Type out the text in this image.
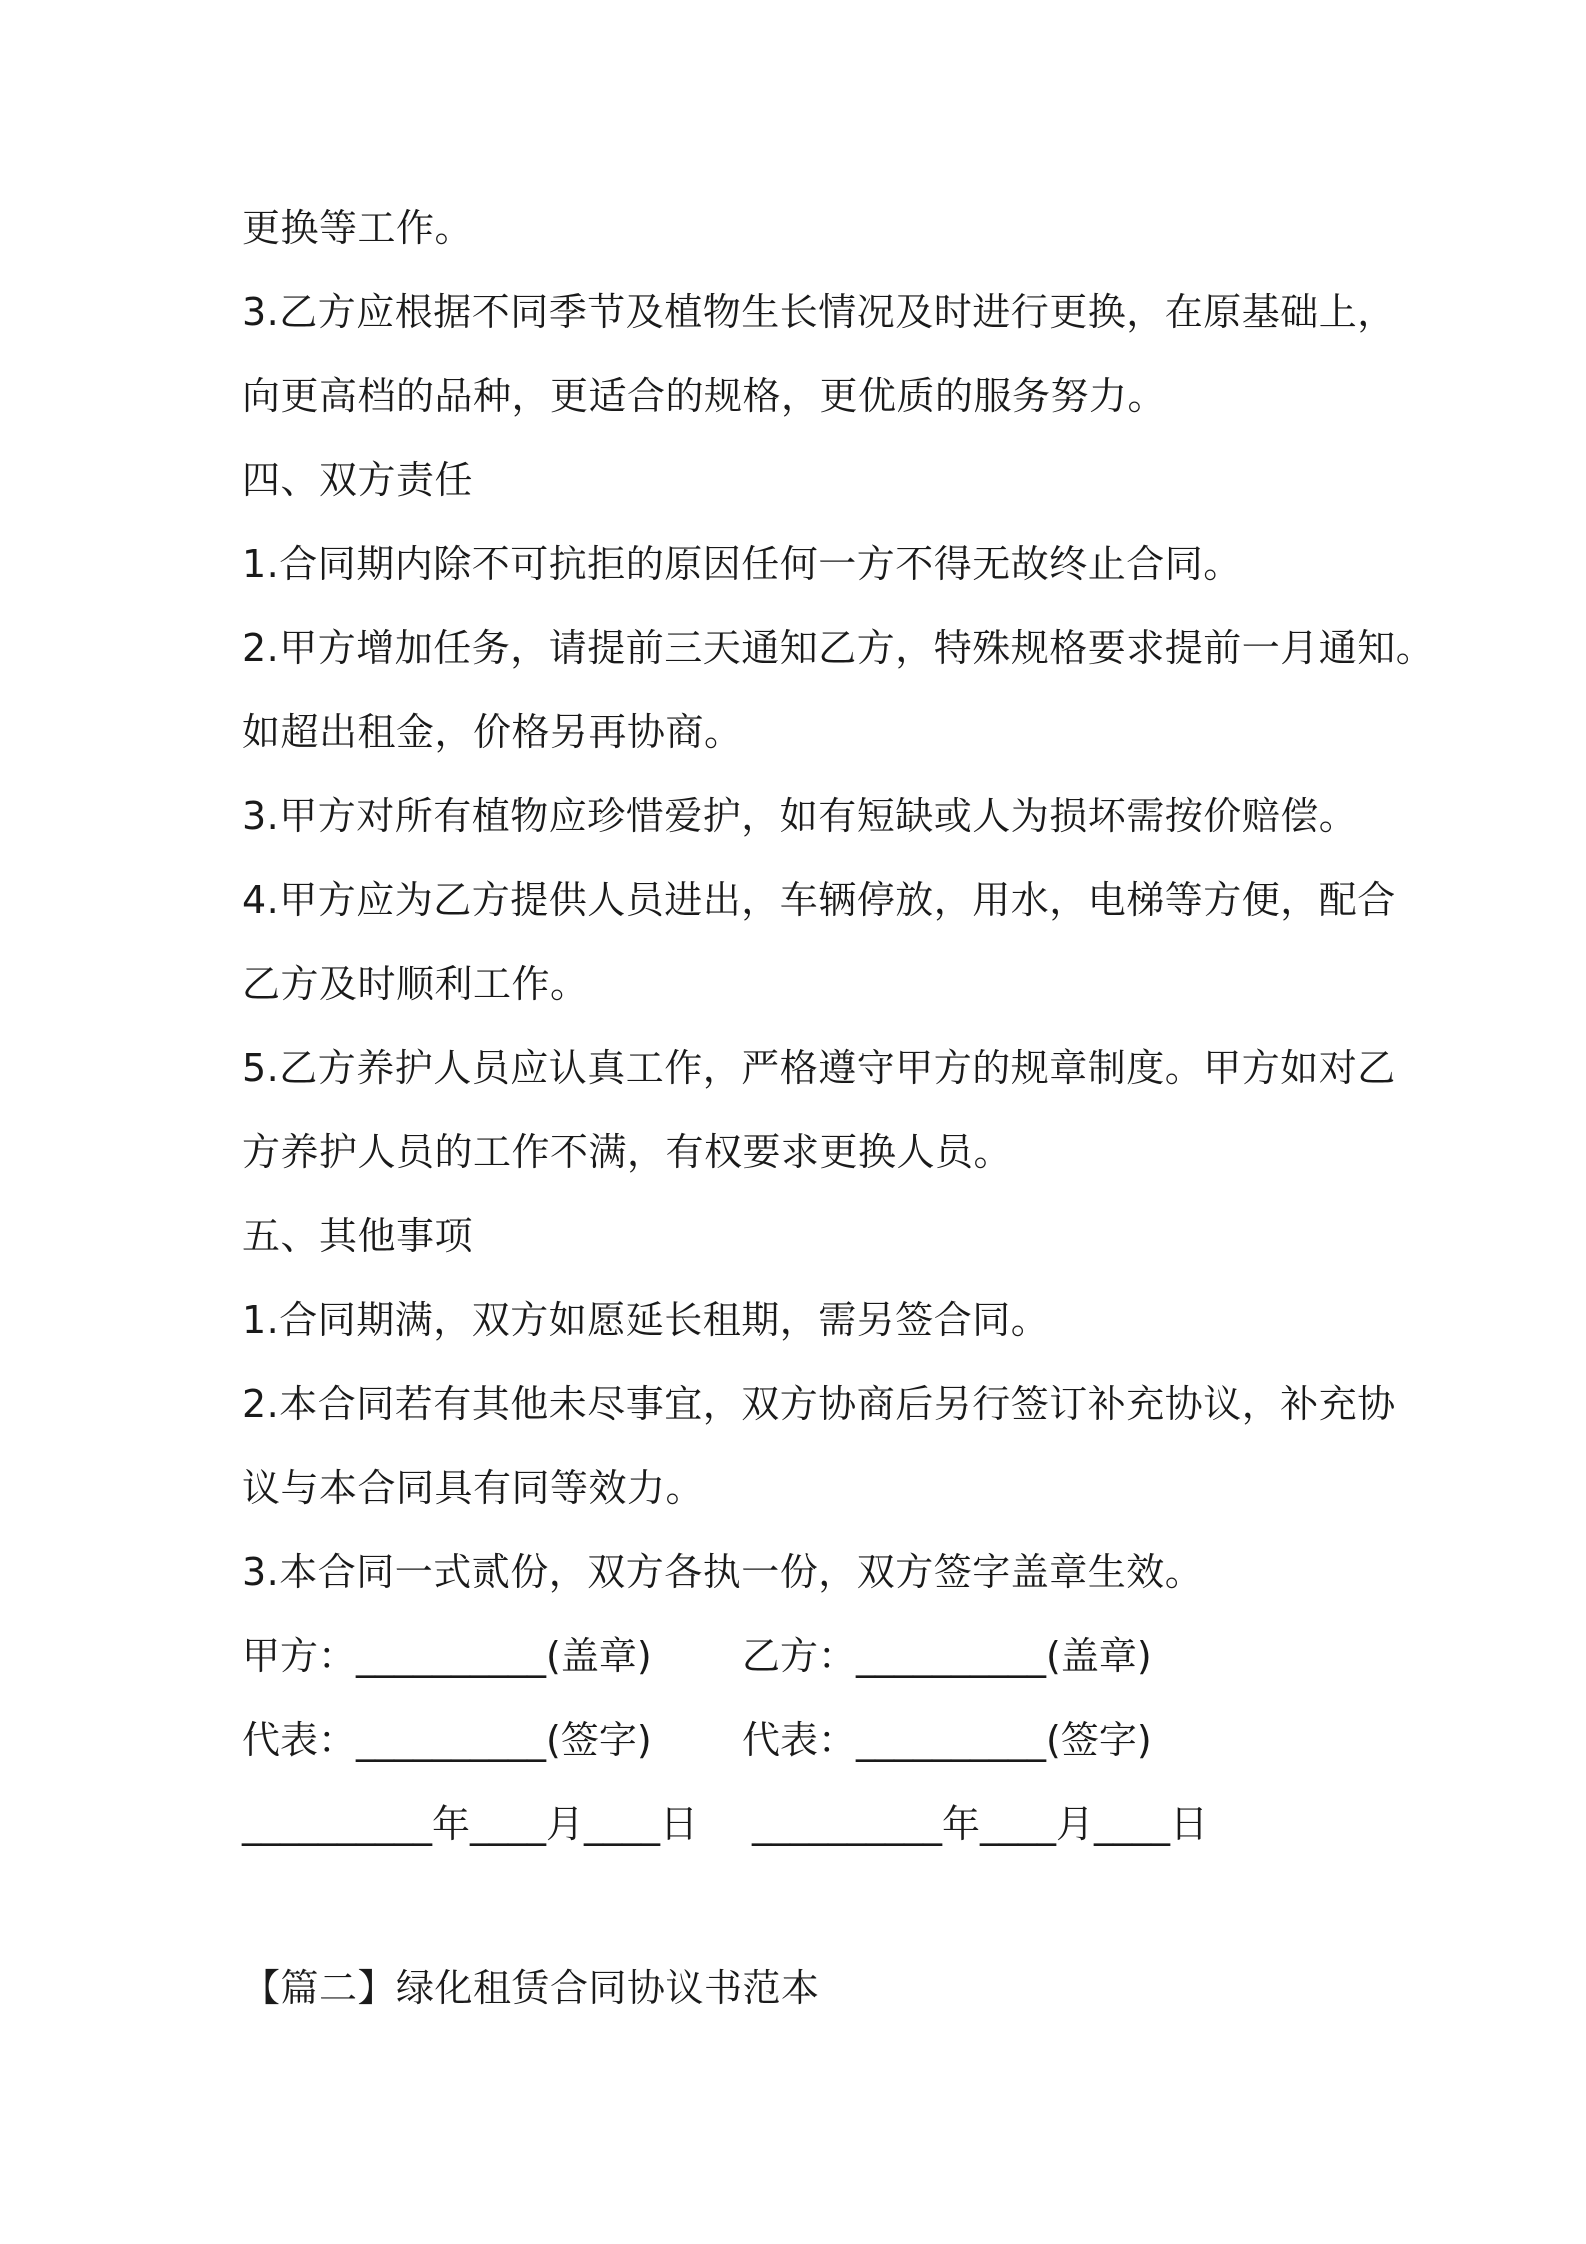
更换等工作。
3.乙方应根据不同季节及植物生长情况及时进行更换，在原基础上，
向更高档的品种，更适合的规格，更优质的服务努力。
四、双方责任
1.合同期内除不可抗拒的原因任何一方不得无故终止合同。
2.甲方增加任务，请提前三天通知乙方，特殊规格要求提前一月通知。
如超出租金，价格另再协商。
3.甲方对所有植物应珍惜爱护，如有短缺或人为损坏需按价赔偿。
4.甲方应为乙方提供人员进出，车辆停放，用水，电梯等方便，配合
乙方及时顺利工作。
5.乙方养护人员应认真工作，严格遵守甲方的规章制度。甲方如对乙
方养护人员的工作不满，有权要求更换人员。
五、其他事项
1.合同期满，双方如愿延长租期，需另签合同。
2.本合同若有其他未尽事宜，双方协商后另行签订补充协议，补充协
议与本合同具有同等效力。
3.本合同一式贰份，双方各执一份，双方签字盖章生效。
甲方：__________(盖章) 乙方：__________(盖章)
代表：__________(签字) 代表：__________(签字)
__________年____月____日 __________年____月____日
【篇二】绿化租赁合同协议书范本
